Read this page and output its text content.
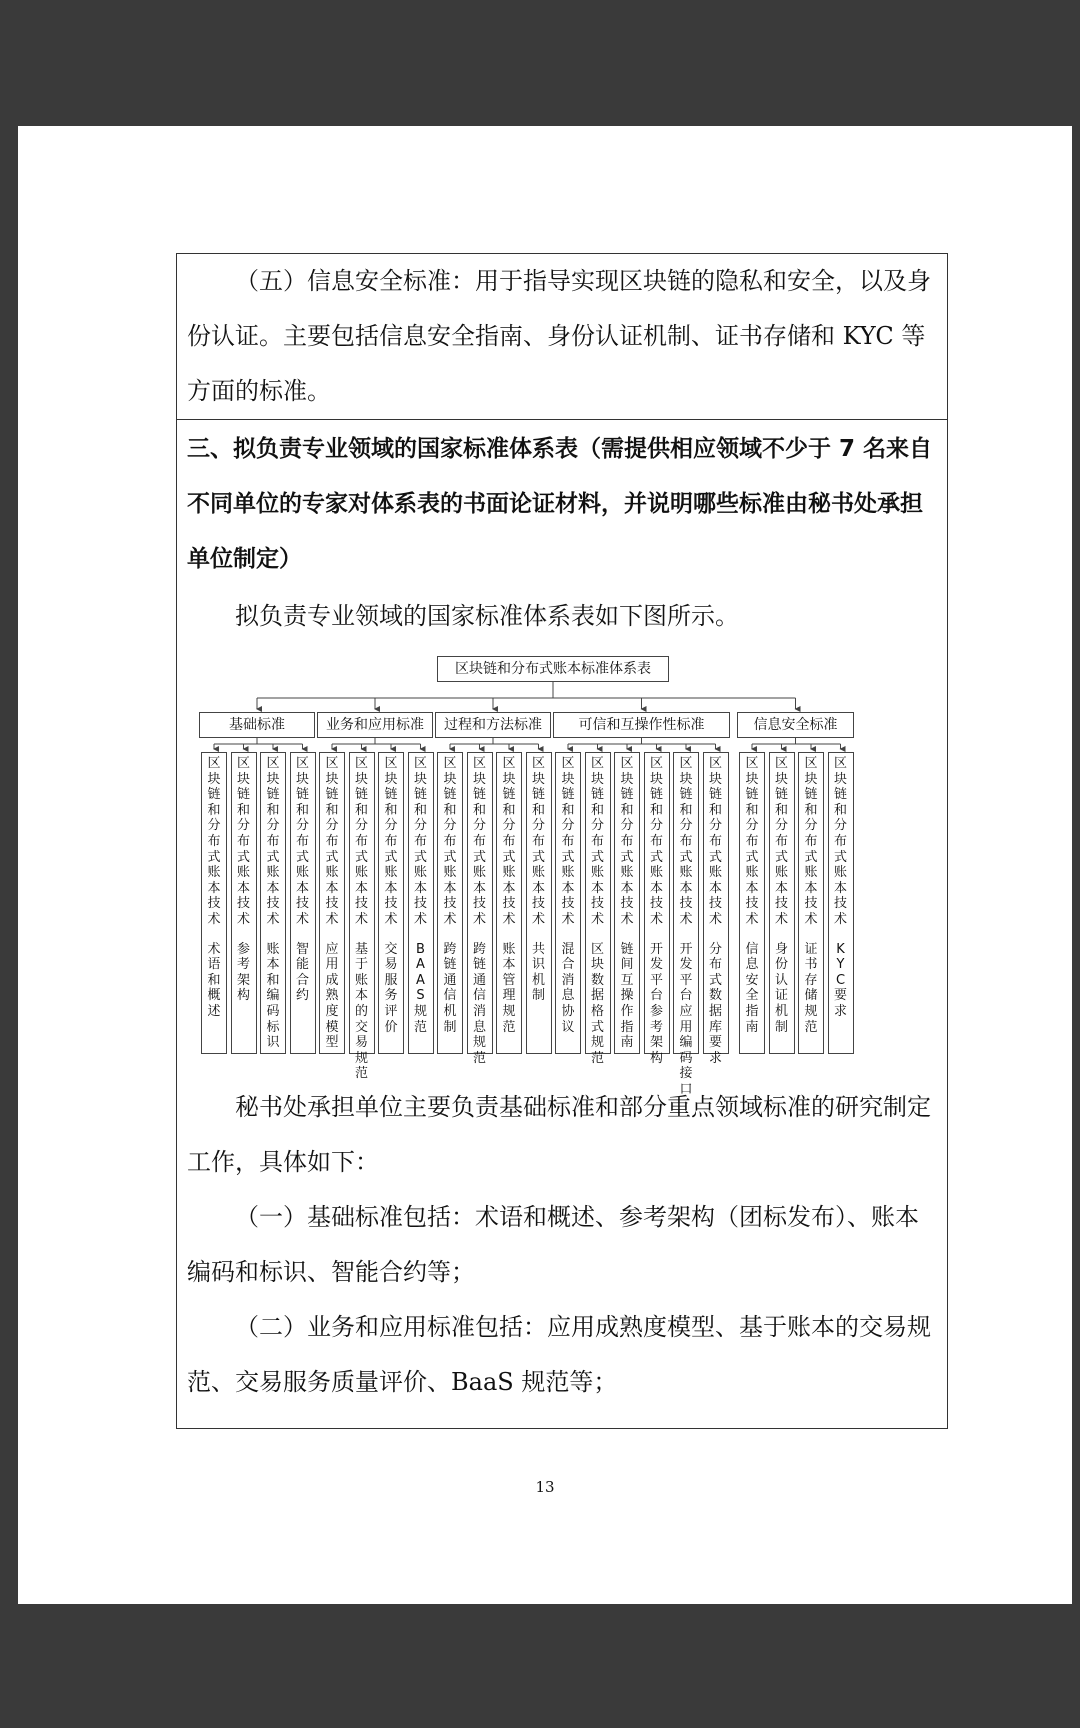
（五）信息安全标准：用于指导实现区块链的隐私和安全，以及身份认证。主要包括信息安全指南、身份认证机制、证书存储和 KYC 等方面的标准。

三、拟负责专业领域的国家标准体系表（需提供相应领域不少于 7 名来自不同单位的专家对体系表的书面论证材料，并说明哪些标准由秘书处承担单位制定）

拟负责专业领域的国家标准体系表如下图所示。

区块链和分布式账本标准体系表
基础标准	业务和应用标准	过程和方法标准	可信和互操作性标准	信息安全标准
区块链和分布式账本技术
术语和概述
区块链和分布式账本技术
参考架构
区块链和分布式账本技术
账本和编码标识
区块链和分布式账本技术
智能合约
区块链和分布式账本技术
应用成熟度模型
区块链和分布式账本技术
基于账本的交易规范
区块链和分布式账本技术
交易服务评价
区块链和分布式账本技术
BAAS规范
区块链和分布式账本技术
跨链通信机制
区块链和分布式账本技术
跨链通信消息规范
区块链和分布式账本技术
账本管理规范
区块链和分布式账本技术
共识机制
区块链和分布式账本技术
混合消息协议
区块链和分布式账本技术
区块数据格式规范
区块链和分布式账本技术
链间互操作指南
区块链和分布式账本技术
开发平台参考架构
区块链和分布式账本技术
开发平台应用编码接口
区块链和分布式账本技术
分布式数据库要求
区块链和分布式账本技术
信息安全指南
区块链和分布式账本技术
身份认证机制
区块链和分布式账本技术
证书存储规范
区块链和分布式账本技术
KYC要求

秘书处承担单位主要负责基础标准和部分重点领域标准的研究制定工作，具体如下：

（一）基础标准包括：术语和概述、参考架构（团标发布）、账本编码和标识、智能合约等；

（二）业务和应用标准包括：应用成熟度模型、基于账本的交易规范、交易服务质量评价、BaaS 规范等；

13
